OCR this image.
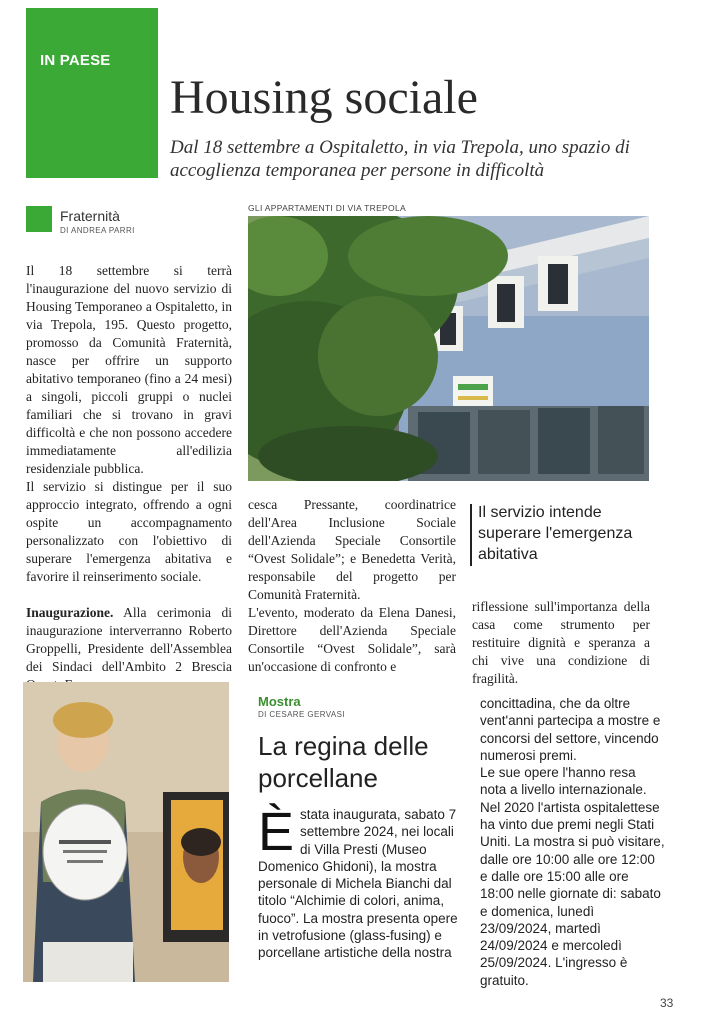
IN PAESE
Housing sociale
Dal 18 settembre a Ospitaletto, in via Trepola, uno spazio di accoglienza temporanea per persone in difficoltà
Fraternità
DI ANDREA PARRI
GLI APPARTAMENTI DI VIA TREPOLA

Il 18 settembre si terrà l'inaugurazione del nuovo servizio di Housing Temporaneo a Ospitaletto, in via Trepola, 195. Questo progetto, promosso da Comunità Fraternità, nasce per offrire un supporto abitativo temporaneo (fino a 24 mesi) a singoli, piccoli gruppi o nuclei familiari che si trovano in gravi difficoltà e che non possono accedere immediatamente all'edilizia residenziale pubblica.

Il servizio si distingue per il suo approccio integrato, offrendo a ogni ospite un accompagnamento personalizzato con l'obiettivo di superare l'emergenza abitativa e favorire il reinserimento sociale.

Inaugurazione. Alla cerimonia di inaugurazione interverranno Roberto Groppelli, Presidente dell'Assemblea dei Sindaci dell'Ambito 2 Brescia

cesca Pressante, coordinatrice dell'Area Inclusione Sociale dell'Azienda Speciale Consortile “Ovest Solidale”; e Benedetta Verità, responsabile del progetto per Comunità Fraternità.

L'evento, moderato da Elena Danesi, Direttore dell'Azienda Speciale Consortile “Ovest Solidale”, sarà un'occasione di confronto e

Il servizio intende superare l'emergenza abitativa

riflessione sull'importanza della casa come strumento per restituire dignità e speranza a chi vive una condizione di fragilità.

Mostra
DI CESARE GERVASI
La regina delle porcellane
È stata inaugurata, sabato 7 settembre 2024, nei locali di Villa Presti (Museo Domenico Ghidoni), la mostra personale di Michela Bianchi dal titolo “Alchimie di colori, anima, fuoco”. La mostra presenta opere in vetrofusione (glass-fusing) e porcellane artistiche della nostra
concittadina, che da oltre vent'anni partecipa a mostre e concorsi del settore, vincendo numerosi premi.
Le sue opere l'hanno resa nota a livello internazionale.
Nel 2020 l'artista ospitalettese ha vinto due premi negli Stati Uniti. La mostra si può visitare, dalle ore 10:00 alle ore 12:00 e dalle ore 15:00 alle ore 18:00 nelle giornate di: sabato e domenica, lunedì 23/09/2024, martedì 24/09/2024 e mercoledì 25/09/2024. L'ingresso è gratuito.
33
